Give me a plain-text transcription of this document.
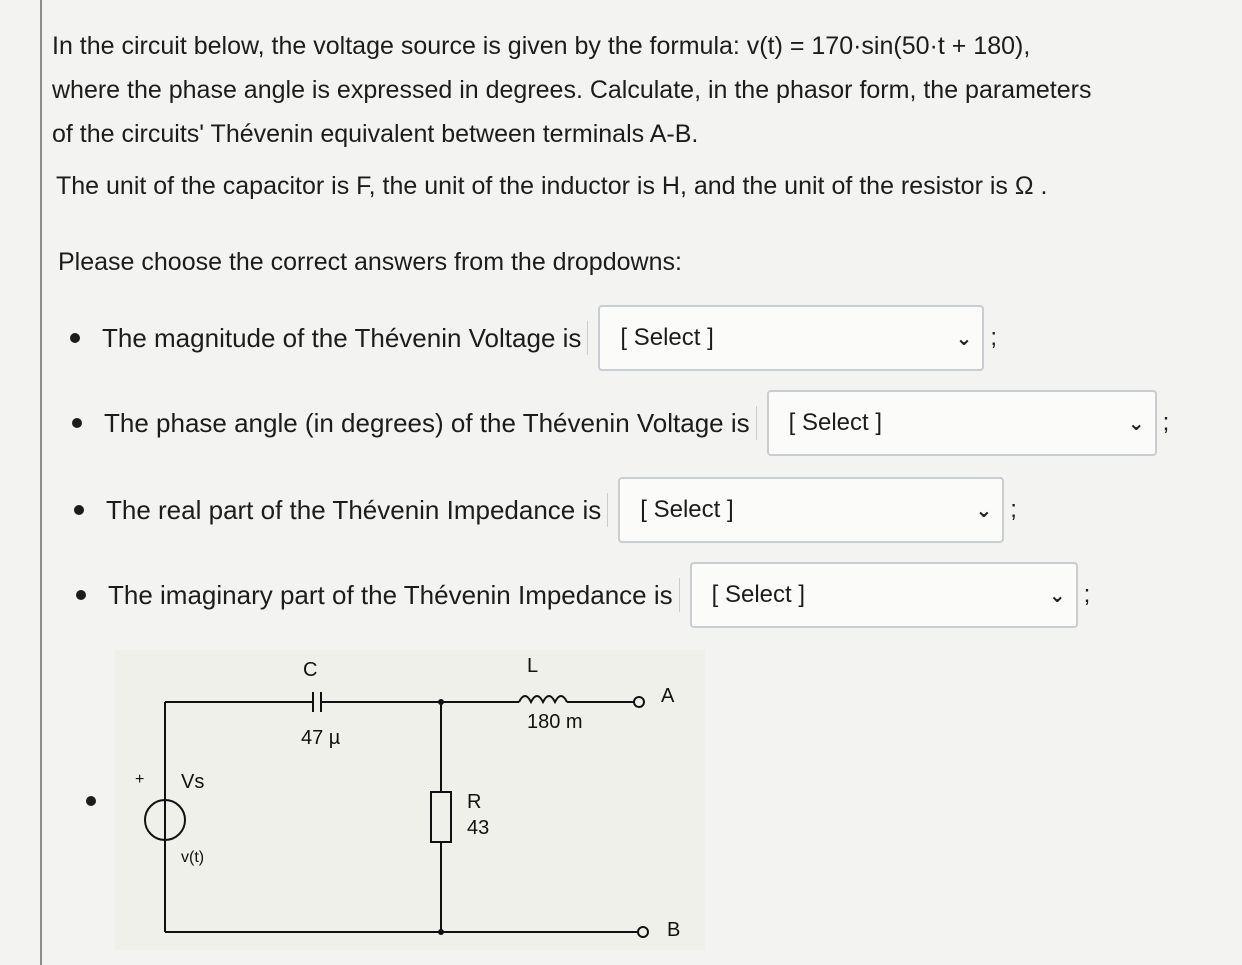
In the circuit below, the voltage source is given by the formula: v(t) = 170·sin(50·t + 180),

where the phase angle is expressed in degrees. Calculate, in the phasor form, the parameters

of the circuits' Thévenin equivalent between terminals A-B.

The unit of the capacitor is F, the unit of the inductor is H, and the unit of the resistor is Ω .
Please choose the correct answers from the dropdowns:
The magnitude of the Thévenin Voltage is [ Select ]	⌄ ;
The phase angle (in degrees) of the Thévenin Voltage is [ Select ]	⌄ ;
The real part of the Thévenin Impedance is [ Select ]	⌄ ;
The imaginary part of the Thévenin Impedance is [ Select ]	⌄ ;
C
47 µ
L
180 m
A
B
R
43
Vs
v(t)
+
